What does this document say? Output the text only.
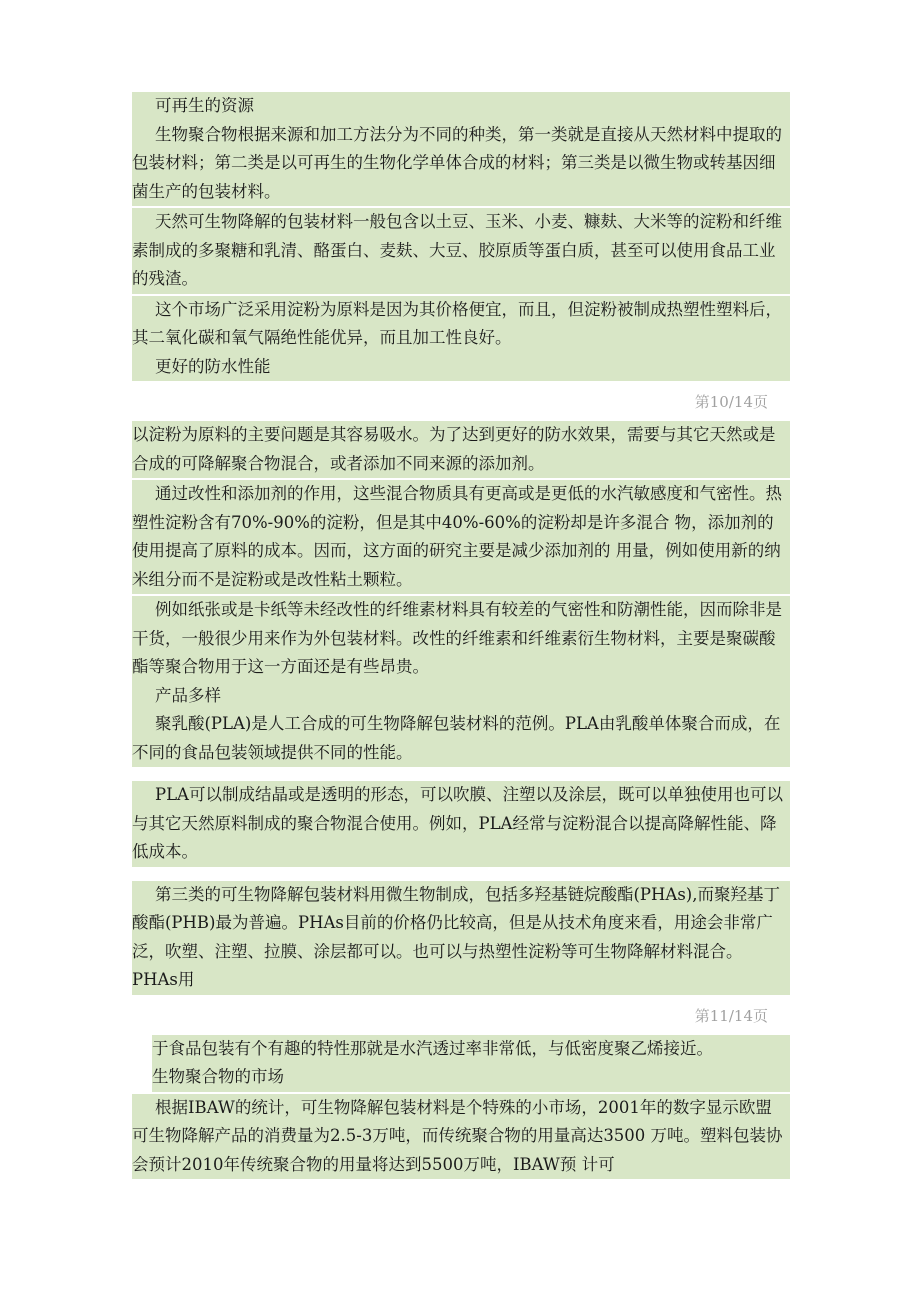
可再生的资源

生物聚合物根据来源和加工方法分为不同的种类，第一类就是直接从天然材料中提取的包装材料；第二类是以可再生的生物化学单体合成的材料；第三类是以微生物或转基因细菌生产的包装材料。

天然可生物降解的包装材料一般包含以土豆、玉米、小麦、糠麸、大米等的淀粉和纤维素制成的多聚糖和乳清、酪蛋白、麦麸、大豆、胶原质等蛋白质，甚至可以使用食品工业的残渣。

这个市场广泛采用淀粉为原料是因为其价格便宜，而且，但淀粉被制成热塑性塑料后，其二氧化碳和氧气隔绝性能优异，而且加工性良好。

更好的防水性能

第10/14页

以淀粉为原料的主要问题是其容易吸水。为了达到更好的防水效果，需要与其它天然或是合成的可降解聚合物混合，或者添加不同来源的添加剂。

通过改性和添加剂的作用，这些混合物质具有更高或是更低的水汽敏感度和气密性。热塑性淀粉含有70%-90%的淀粉，但是其中40%-60%的淀粉却是许多混合 物，添加剂的使用提高了原料的成本。因而，这方面的研究主要是减少添加剂的 用量，例如使用新的纳米组分而不是淀粉或是改性粘土颗粒。

例如纸张或是卡纸等未经改性的纤维素材料具有较差的气密性和防潮性能，因而除非是干货，一般很少用来作为外包装材料。改性的纤维素和纤维素衍生物材料，主要是聚碳酸酯等聚合物用于这一方面还是有些昂贵。

产品多样

聚乳酸(PLA)是人工合成的可生物降解包装材料的范例。PLA由乳酸单体聚合而成，在不同的食品包装领域提供不同的性能。

PLA可以制成结晶或是透明的形态，可以吹膜、注塑以及涂层，既可以单独使用也可以与其它天然原料制成的聚合物混合使用。例如，PLA经常与淀粉混合以提高降解性能、降低成本。

第三类的可生物降解包装材料用微生物制成，包括多羟基链烷酸酯(PHAs),而聚羟基丁酸酯(PHB)最为普遍。PHAs目前的价格仍比较高，但是从技术角度来看，用途会非常广泛，吹塑、注塑、拉膜、涂层都可以。也可以与热塑性淀粉等可生物降解材料混合。PHAs用

第11/14页

于食品包装有个有趣的特性那就是水汽透过率非常低，与低密度聚乙烯接近。

生物聚合物的市场

根据IBAW的统计，可生物降解包装材料是个特殊的小市场，2001年的数字显示欧盟可生物降解产品的消费量为2.5-3万吨，而传统聚合物的用量高达3500 万吨。塑料包装协会预计2010年传统聚合物的用量将达到5500万吨，IBAW预 计可
